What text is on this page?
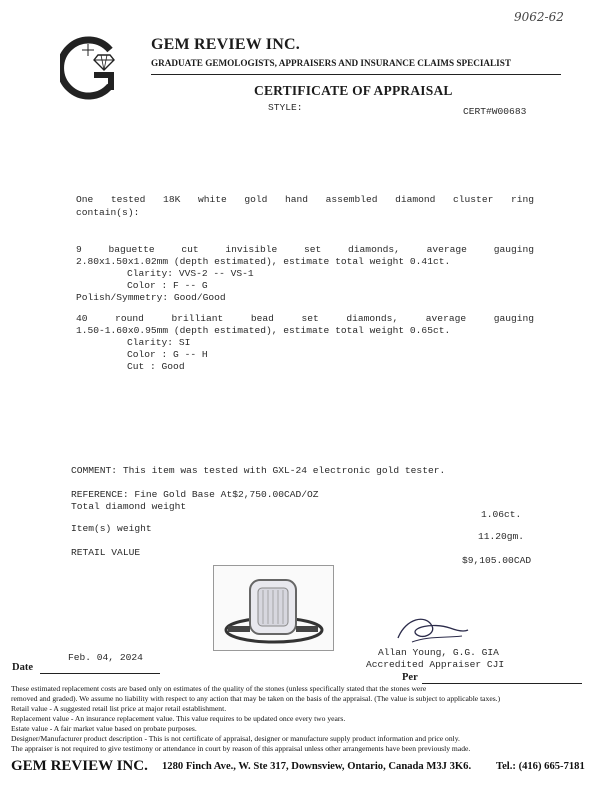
9062-62
GEM REVIEW INC.
GRADUATE GEMOLOGISTS, APPRAISERS AND INSURANCE CLAIMS SPECIALIST
CERTIFICATE OF APPRAISAL
STYLE:	CERT#W00683
One tested 18K white gold hand assembled diamond cluster ring
contain(s):
9 baguette cut invisible set diamonds, average gauging
2.80x1.50x1.02mm (depth estimated), estimate total weight 0.41ct.
Clarity: VVS-2 -- VS-1
Color : F -- G
Polish/Symmetry: Good/Good
40 round brilliant bead set diamonds, average gauging
1.50-1.60x0.95mm (depth estimated), estimate total weight 0.65ct.
Clarity: SI
Color : G -- H
Cut : Good
COMMENT: This item was tested with GXL-24 electronic gold tester.
REFERENCE: Fine Gold Base At$2,750.00CAD/OZ
Total diamond weight
1.06ct.
Item(s) weight
11.20gm.
RETAIL VALUE
$9,105.00CAD
Allan Young, G.G. GIA
Accredited Appraiser CJI
Feb. 04, 2024
Date
Per
These estimated replacement costs are based only on estimates of the quality of the stones (unless specifically stated that the stones were
removed and graded). We assume no liability with respect to any action that may be taken on the basis of the appraisal. (The value is subject to applicable taxes.)
Retail value - A suggested retail list price at major retail establishment.
Replacement value - An insurance replacement value. This value requires to be updated once every two years.
Estate value - A fair market value based on probate purposes.
Designer/Manufacturer product description - This is not certificate of appraisal, designer or manufacture supply product information and price only.
The appraiser is not required to give testimony or attendance in court by reason of this appraisal unless other arrangements have been previously made.
GEM REVIEW INC. 1280 Finch Ave., W. Ste 317, Downsview, Ontario, Canada M3J 3K6. Tel.: (416) 665-7181
